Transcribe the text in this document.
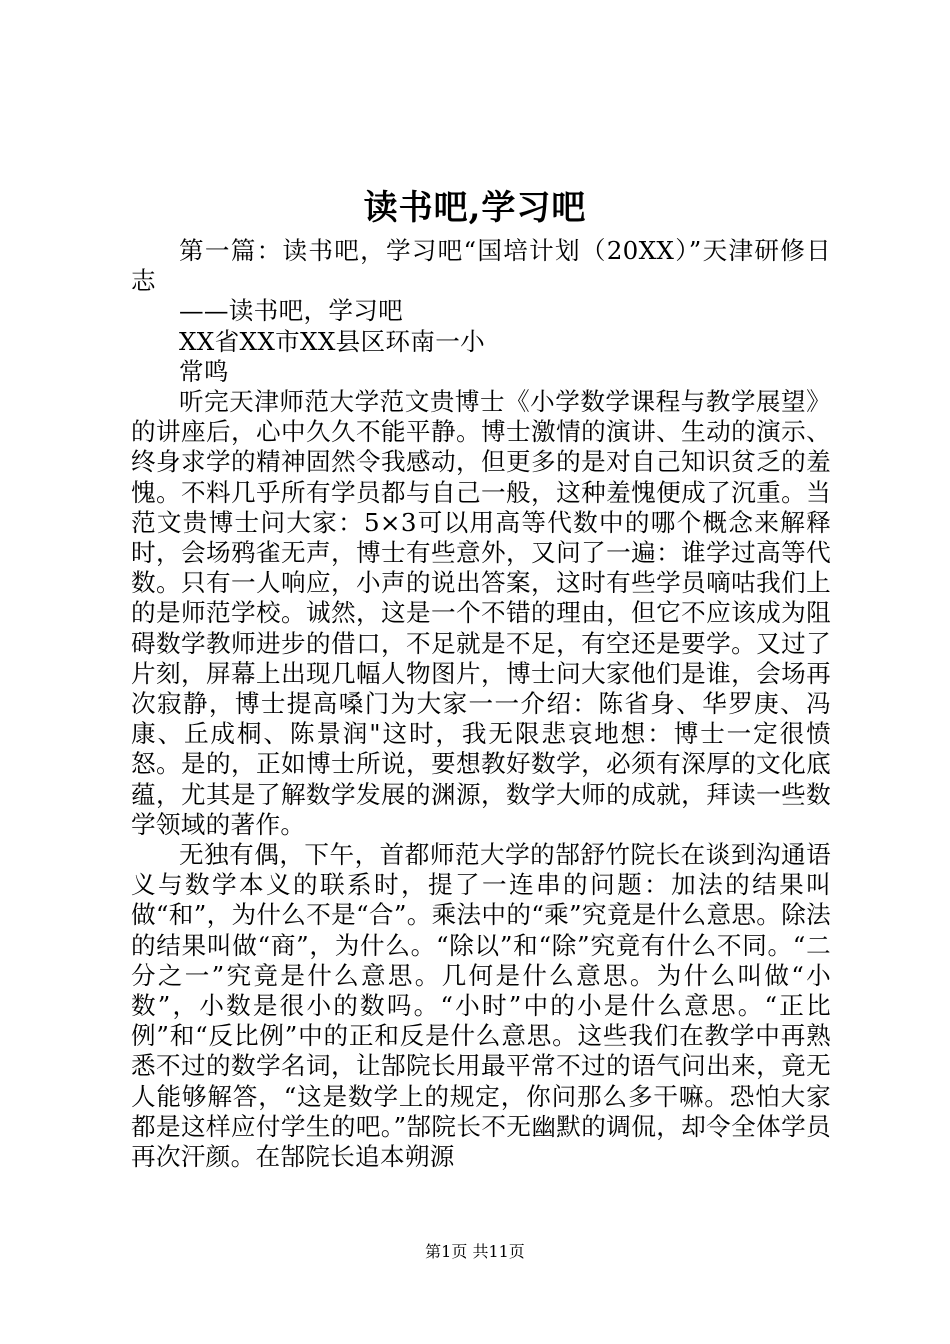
读书吧,学习吧

第一篇：读书吧，学习吧“国培计划（20XX）”天津研修日志

——读书吧，学习吧

XX省XX市XX县区环南一小

常鸣

听完天津师范大学范文贵博士《小学数学课程与教学展望》的讲座后，心中久久不能平静。博士激情的演讲、生动的演示、终身求学的精神固然令我感动，但更多的是对自己知识贫乏的羞愧。不料几乎所有学员都与自己一般，这种羞愧便成了沉重。当范文贵博士问大家：5×3可以用高等代数中的哪个概念来解释时，会场鸦雀无声，博士有些意外，又问了一遍：谁学过高等代数。只有一人响应，小声的说出答案，这时有些学员嘀咕我们上的是师范学校。诚然，这是一个不错的理由，但它不应该成为阻碍数学教师进步的借口，不足就是不足，有空还是要学。又过了片刻，屏幕上出现几幅人物图片，博士问大家他们是谁，会场再次寂静，博士提高嗓门为大家一一介绍：陈省身、华罗庚、冯康、丘成桐、陈景润"这时，我无限悲哀地想：博士一定很愤怒。是的，正如博士所说，要想教好数学，必须有深厚的文化底蕴，尤其是了解数学发展的渊源，数学大师的成就，拜读一些数学领域的著作。

无独有偶，下午，首都师范大学的郜舒竹院长在谈到沟通语义与数学本义的联系时，提了一连串的问题：加法的结果叫做“和”，为什么不是“合”。乘法中的“乘”究竟是什么意思。除法的结果叫做“商”，为什么。“除以”和“除”究竟有什么不同。“二分之一”究竟是什么意思。几何是什么意思。为什么叫做“小数”，小数是很小的数吗。“小时”中的小是什么意思。“正比例”和“反比例”中的正和反是什么意思。这些我们在教学中再熟悉不过的数学名词，让郜院长用最平常不过的语气问出来，竟无人能够解答，“这是数学上的规定，你问那么多干嘛。恐怕大家都是这样应付学生的吧。”郜院长不无幽默的调侃，却令全体学员再次汗颜。在郜院长追本朔源

第1页 共11页
